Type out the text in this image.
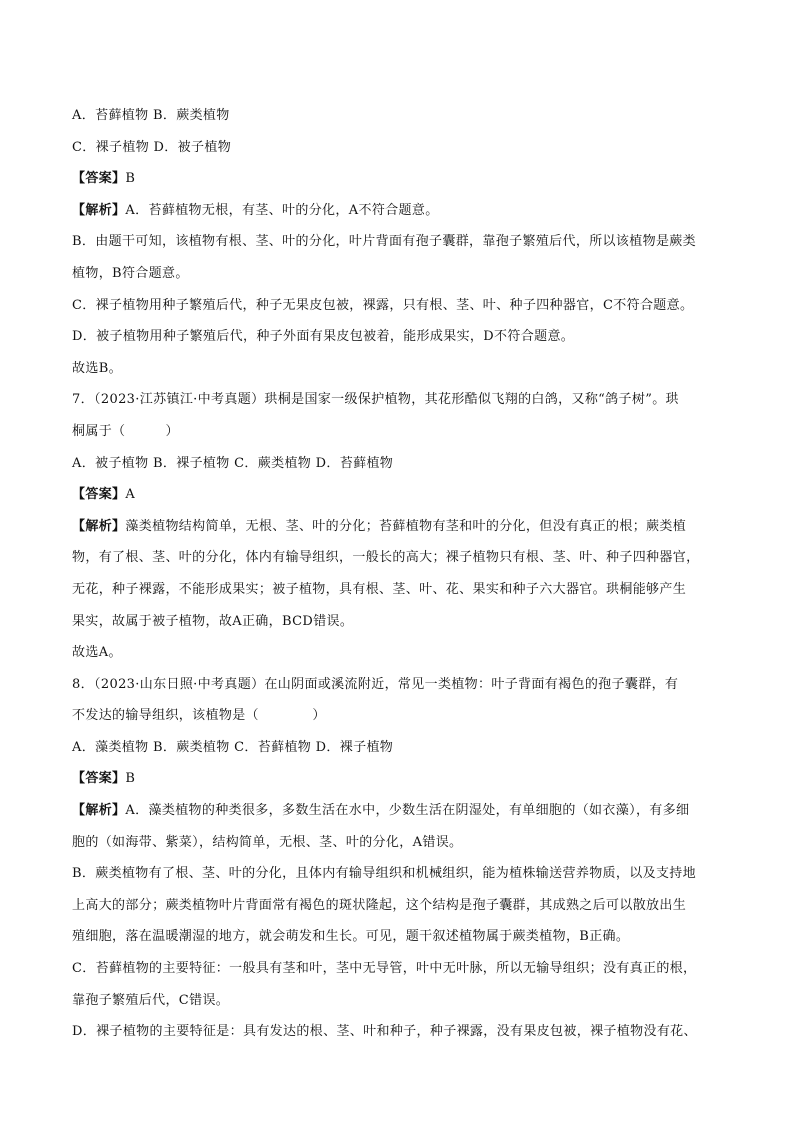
A．苔藓植物 B．蕨类植物
C．裸子植物 D．被子植物
【答案】B
【解析】A．苔藓植物无根，有茎、叶的分化，A不符合题意。
B．由题干可知，该植物有根、茎、叶的分化，叶片背面有孢子囊群，靠孢子繁殖后代，所以该植物是蕨类
植物，B符合题意。
C．裸子植物用种子繁殖后代，种子无果皮包被，裸露，只有根、茎、叶、种子四种器官，C不符合题意。
D．被子植物用种子繁殖后代，种子外面有果皮包被着，能形成果实，D不符合题意。
故选B。
7．（2023·江苏镇江·中考真题）珙桐是国家一级保护植物，其花形酷似飞翔的白鸽，又称“鸽子树”。珙
桐属于（　　　	）
A．被子植物 B．裸子植物 C．蕨类植物 D．苔藓植物
【答案】A
【解析】藻类植物结构简单，无根、茎、叶的分化；苔藓植物有茎和叶的分化，但没有真正的根；蕨类植
物，有了根、茎、叶的分化，体内有输导组织，一般长的高大；裸子植物只有根、茎、叶、种子四种器官，
无花，种子裸露，不能形成果实；被子植物，具有根、茎、叶、花、果实和种子六大器官。珙桐能够产生
果实，故属于被子植物，故A正确，BCD错误。
故选A。
8．（2023·山东日照·中考真题）在山阴面或溪流附近，常见一类植物：叶子背面有褐色的孢子囊群，有
不发达的输导组织，该植物是（　　　　	）
A．藻类植物 B．蕨类植物 C．苔藓植物 D．裸子植物
【答案】B
【解析】A．藻类植物的种类很多，多数生活在水中，少数生活在阴湿处，有单细胞的（如衣藻），有多细
胞的（如海带、紫菜），结构简单，无根、茎、叶的分化，A错误。
B．蕨类植物有了根、茎、叶的分化，且体内有输导组织和机械组织，能为植株输送营养物质，以及支持地
上高大的部分；蕨类植物叶片背面常有褐色的斑状隆起，这个结构是孢子囊群，其成熟之后可以散放出生
殖细胞，落在温暖潮湿的地方，就会萌发和生长。可见，题干叙述植物属于蕨类植物，B正确。
C．苔藓植物的主要特征：一般具有茎和叶，茎中无导管，叶中无叶脉，所以无输导组织；没有真正的根，
靠孢子繁殖后代，C错误。
D．裸子植物的主要特征是：具有发达的根、茎、叶和种子，种子裸露，没有果皮包被，裸子植物没有花、
